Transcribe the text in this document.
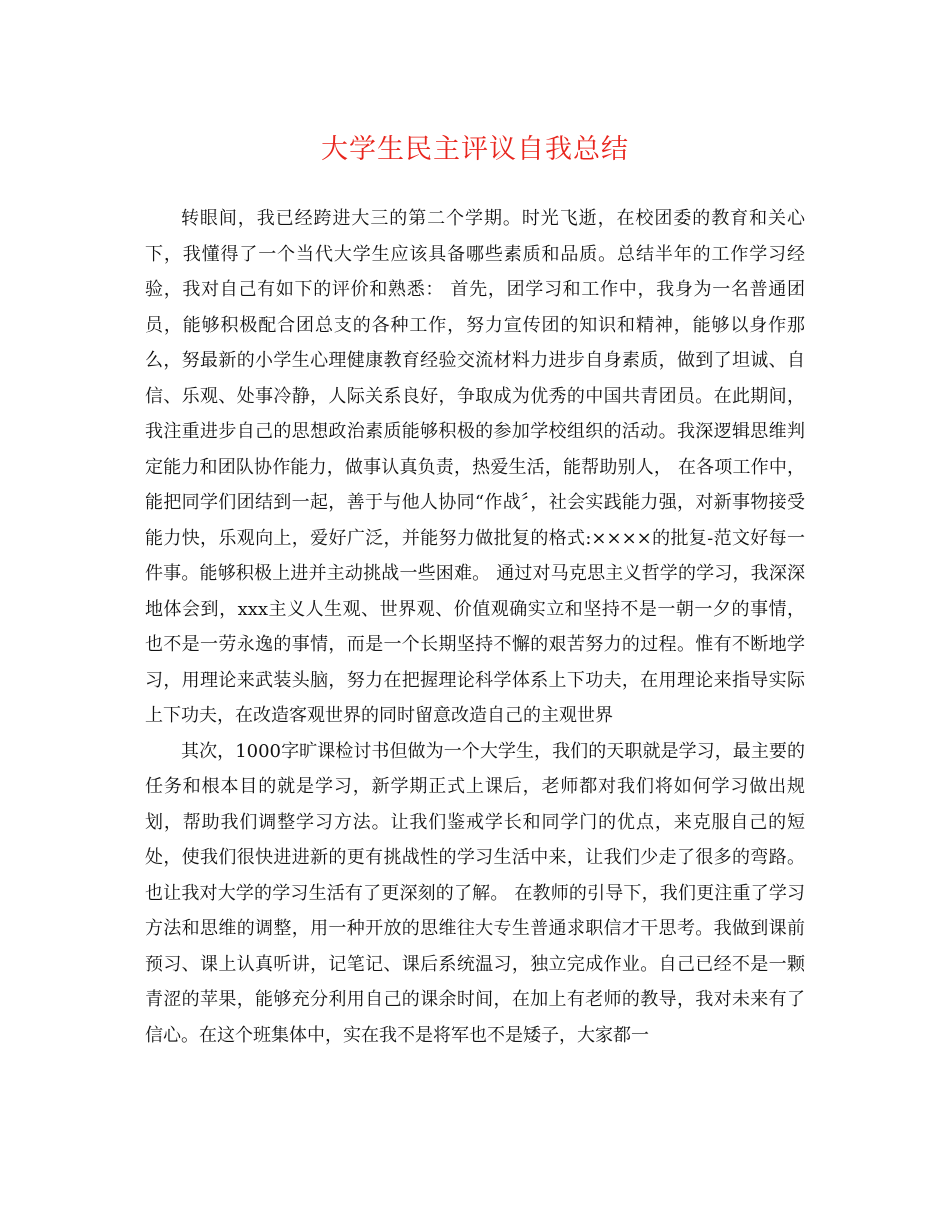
大学生民主评议自我总结

转眼间，我已经跨进大三的第二个学期。时光飞逝，在校团委的教育和关心下，我懂得了一个当代大学生应该具备哪些素质和品质。总结半年的工作学习经验，我对自己有如下的评价和熟悉： 首先，团学习和工作中，我身为一名普通团员，能够积极配合团总支的各种工作，努力宣传团的知识和精神，能够以身作那么，努最新的小学生心理健康教育经验交流材料力进步自身素质，做到了坦诚、自信、乐观、处事冷静，人际关系良好，争取成为优秀的中国共青团员。在此期间，我注重进步自己的思想政治素质能够积极的参加学校组织的活动。我深逻辑思维判定能力和团队协作能力，做事认真负责，热爱生活，能帮助别人， 在各项工作中，能把同学们团结到一起，善于与他人协同“作战〞，社会实践能力强，对新事物接受能力快，乐观向上，爱好广泛，并能努力做批复的格式:××××的批复-范文好每一件事。能够积极上进并主动挑战一些困难。 通过对马克思主义哲学的学习，我深深地体会到，xxx主义人生观、世界观、价值观确实立和坚持不是一朝一夕的事情，也不是一劳永逸的事情，而是一个长期坚持不懈的艰苦努力的过程。惟有不断地学习，用理论来武装头脑，努力在把握理论科学体系上下功夫，在用理论来指导实际上下功夫，在改造客观世界的同时留意改造自己的主观世界

其次，1000字旷课检讨书但做为一个大学生，我们的天职就是学习，最主要的任务和根本目的就是学习，新学期正式上课后，老师都对我们将如何学习做出规划，帮助我们调整学习方法。让我们鉴戒学长和同学门的优点，来克服自己的短处，使我们很快进进新的更有挑战性的学习生活中来，让我们少走了很多的弯路。也让我对大学的学习生活有了更深刻的了解。 在教师的引导下，我们更注重了学习方法和思维的调整，用一种开放的思维往大专生普通求职信才干思考。我做到课前预习、课上认真听讲，记笔记、课后系统温习，独立完成作业。自己已经不是一颗青涩的苹果，能够充分利用自己的课余时间，在加上有老师的教导，我对未来有了信心。在这个班集体中，实在我不是将军也不是矮子，大家都一
